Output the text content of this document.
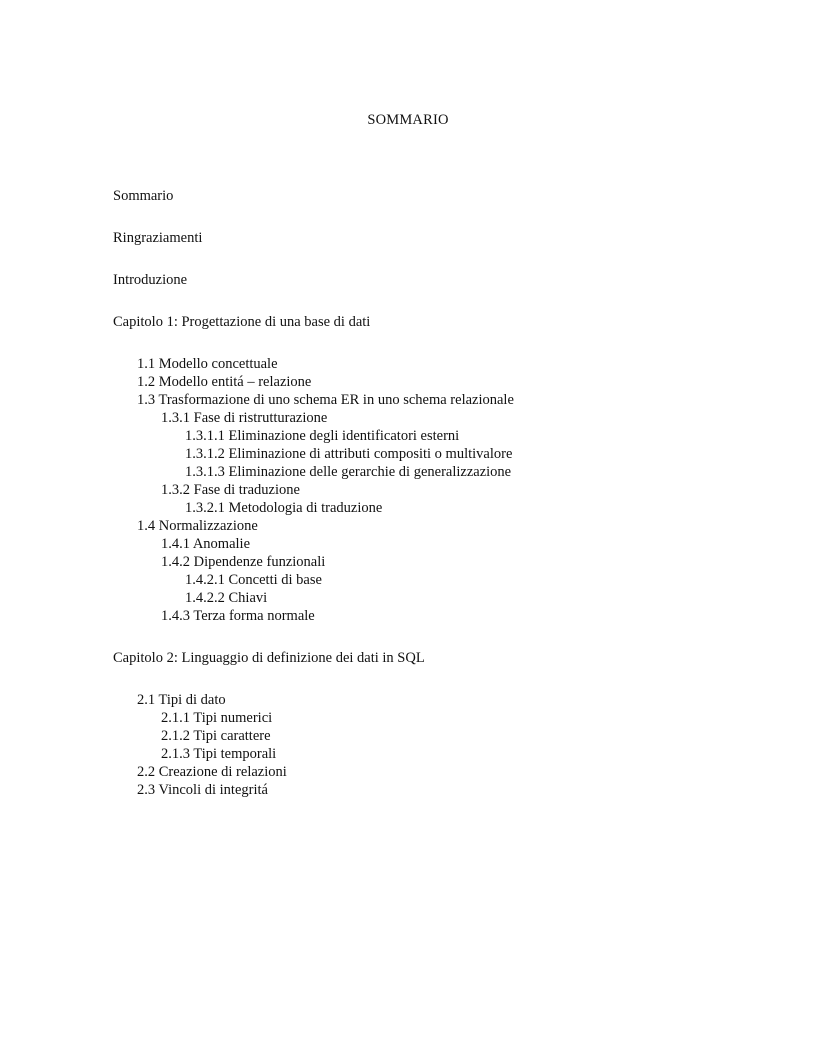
SOMMARIO
Sommario
Ringraziamenti
Introduzione
Capitolo 1: Progettazione di una base di dati
1.1 Modello concettuale
1.2 Modello entitá – relazione
1.3 Trasformazione di uno schema ER in uno schema relazionale
1.3.1 Fase di ristrutturazione
1.3.1.1 Eliminazione degli identificatori esterni
1.3.1.2 Eliminazione di attributi compositi o multivalore
1.3.1.3 Eliminazione delle gerarchie di generalizzazione
1.3.2 Fase di traduzione
1.3.2.1 Metodologia di traduzione
1.4 Normalizzazione
1.4.1 Anomalie
1.4.2 Dipendenze funzionali
1.4.2.1 Concetti di base
1.4.2.2 Chiavi
1.4.3 Terza forma normale
Capitolo 2: Linguaggio di definizione dei dati in SQL
2.1 Tipi di dato
2.1.1 Tipi numerici
2.1.2 Tipi carattere
2.1.3 Tipi temporali
2.2 Creazione di relazioni
2.3 Vincoli di integritá
